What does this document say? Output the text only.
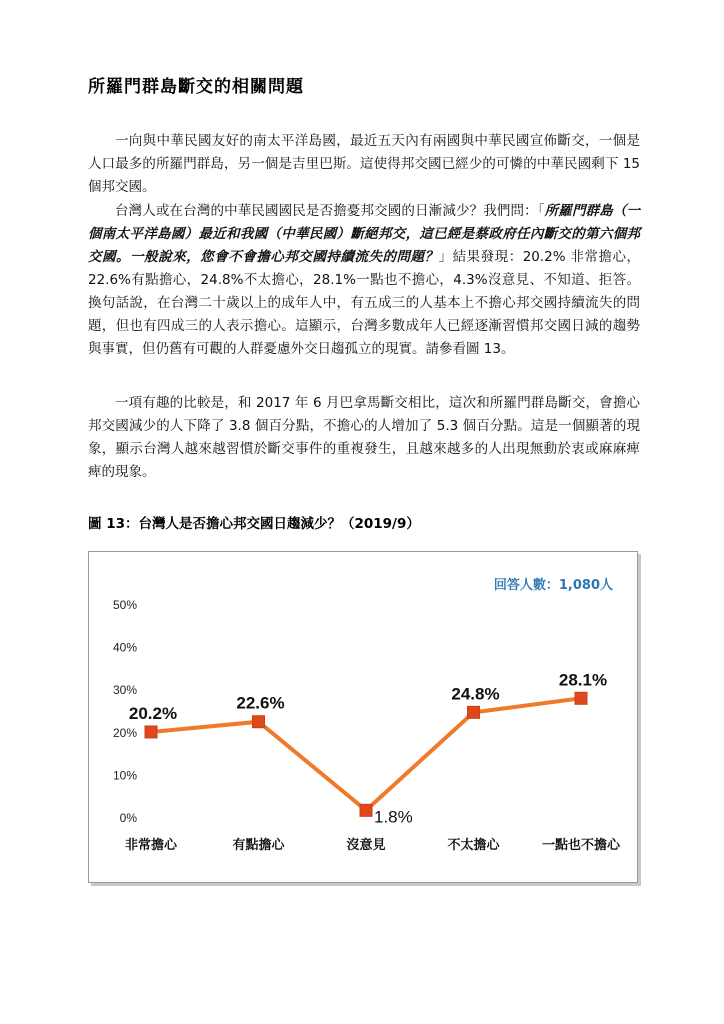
所羅門群島斷交的相關問題

一向與中華民國友好的南太平洋島國，最近五天內有兩國與中華民國宣佈斷交，一個是人口最多的所羅門群島，另一個是吉里巴斯。這使得邦交國已經少的可憐的中華民國剩下 15 個邦交國。

台灣人或在台灣的中華民國國民是否擔憂邦交國的日漸減少？我們問：「所羅門群島（一個南太平洋島國）最近和我國（中華民國）斷絕邦交，這已經是蔡政府任內斷交的第六個邦交國。一般說來，您會不會擔心邦交國持續流失的問題？」結果發現：20.2% 非常擔心，22.6%有點擔心，24.8%不太擔心，28.1%一點也不擔心，4.3%沒意見、不知道、拒答。換句話說，在台灣二十歲以上的成年人中，有五成三的人基本上不擔心邦交國持續流失的問題，但也有四成三的人表示擔心。這顯示，台灣多數成年人已經逐漸習慣邦交國日減的趨勢與事實，但仍舊有可觀的人群憂慮外交日趨孤立的現實。請參看圖 13。

一項有趣的比較是，和 2017 年 6 月巴拿馬斷交相比，這次和所羅門群島斷交，會擔心邦交國減少的人下降了 3.8 個百分點，不擔心的人增加了 5.3 個百分點。這是一個顯著的現象，顯示台灣人越來越習慣於斷交事件的重複發生，且越來越多的人出現無動於衷或麻麻痺痺的現象。

圖 13：台灣人是否擔心邦交國日趨減少？（2019/9）
回答人數：1,080人
0%
10%
20%
30%
40%
50%
非常擔心	有點擔心	沒意見	不太擔心	一點也不擔心
20.2%
22.6%
1.8%
24.8%
28.1%
